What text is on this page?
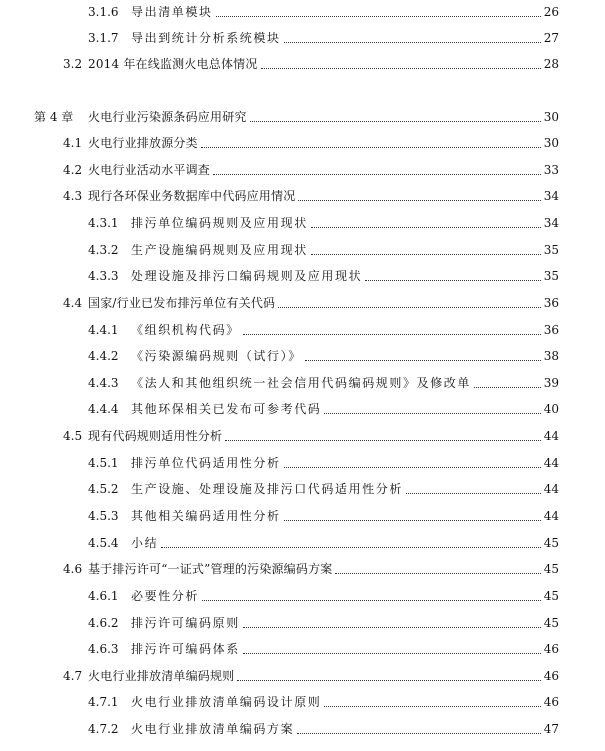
3.1.6 导出清单模块	26
3.1.7 导出到统计分析系统模块	27
3.2 2014 年在线监测火电总体情况	28
第 4 章 火电行业污染源条码应用研究	30
4.1 火电行业排放源分类	30
4.2 火电行业活动水平调查	33
4.3 现行各环保业务数据库中代码应用情况	34
4.3.1 排污单位编码规则及应用现状	34
4.3.2 生产设施编码规则及应用现状	35
4.3.3 处理设施及排污口编码规则及应用现状	35
4.4 国家/行业已发布排污单位有关代码	36
4.4.1 《组织机构代码》	36
4.4.2 《污染源编码规则（试行）》	38
4.4.3 《法人和其他组织统一社会信用代码编码规则》及修改单	39
4.4.4 其他环保相关已发布可参考代码	40
4.5 现有代码规则适用性分析	44
4.5.1 排污单位代码适用性分析	44
4.5.2 生产设施、处理设施及排污口代码适用性分析	44
4.5.3 其他相关编码适用性分析	44
4.5.4 小结	45
4.6 基于排污许可“一证式”管理的污染源编码方案	45
4.6.1 必要性分析	45
4.6.2 排污许可编码原则	45
4.6.3 排污许可编码体系	46
4.7 火电行业排放清单编码规则	46
4.7.1 火电行业排放清单编码设计原则	46
4.7.2 火电行业排放清单编码方案	47
